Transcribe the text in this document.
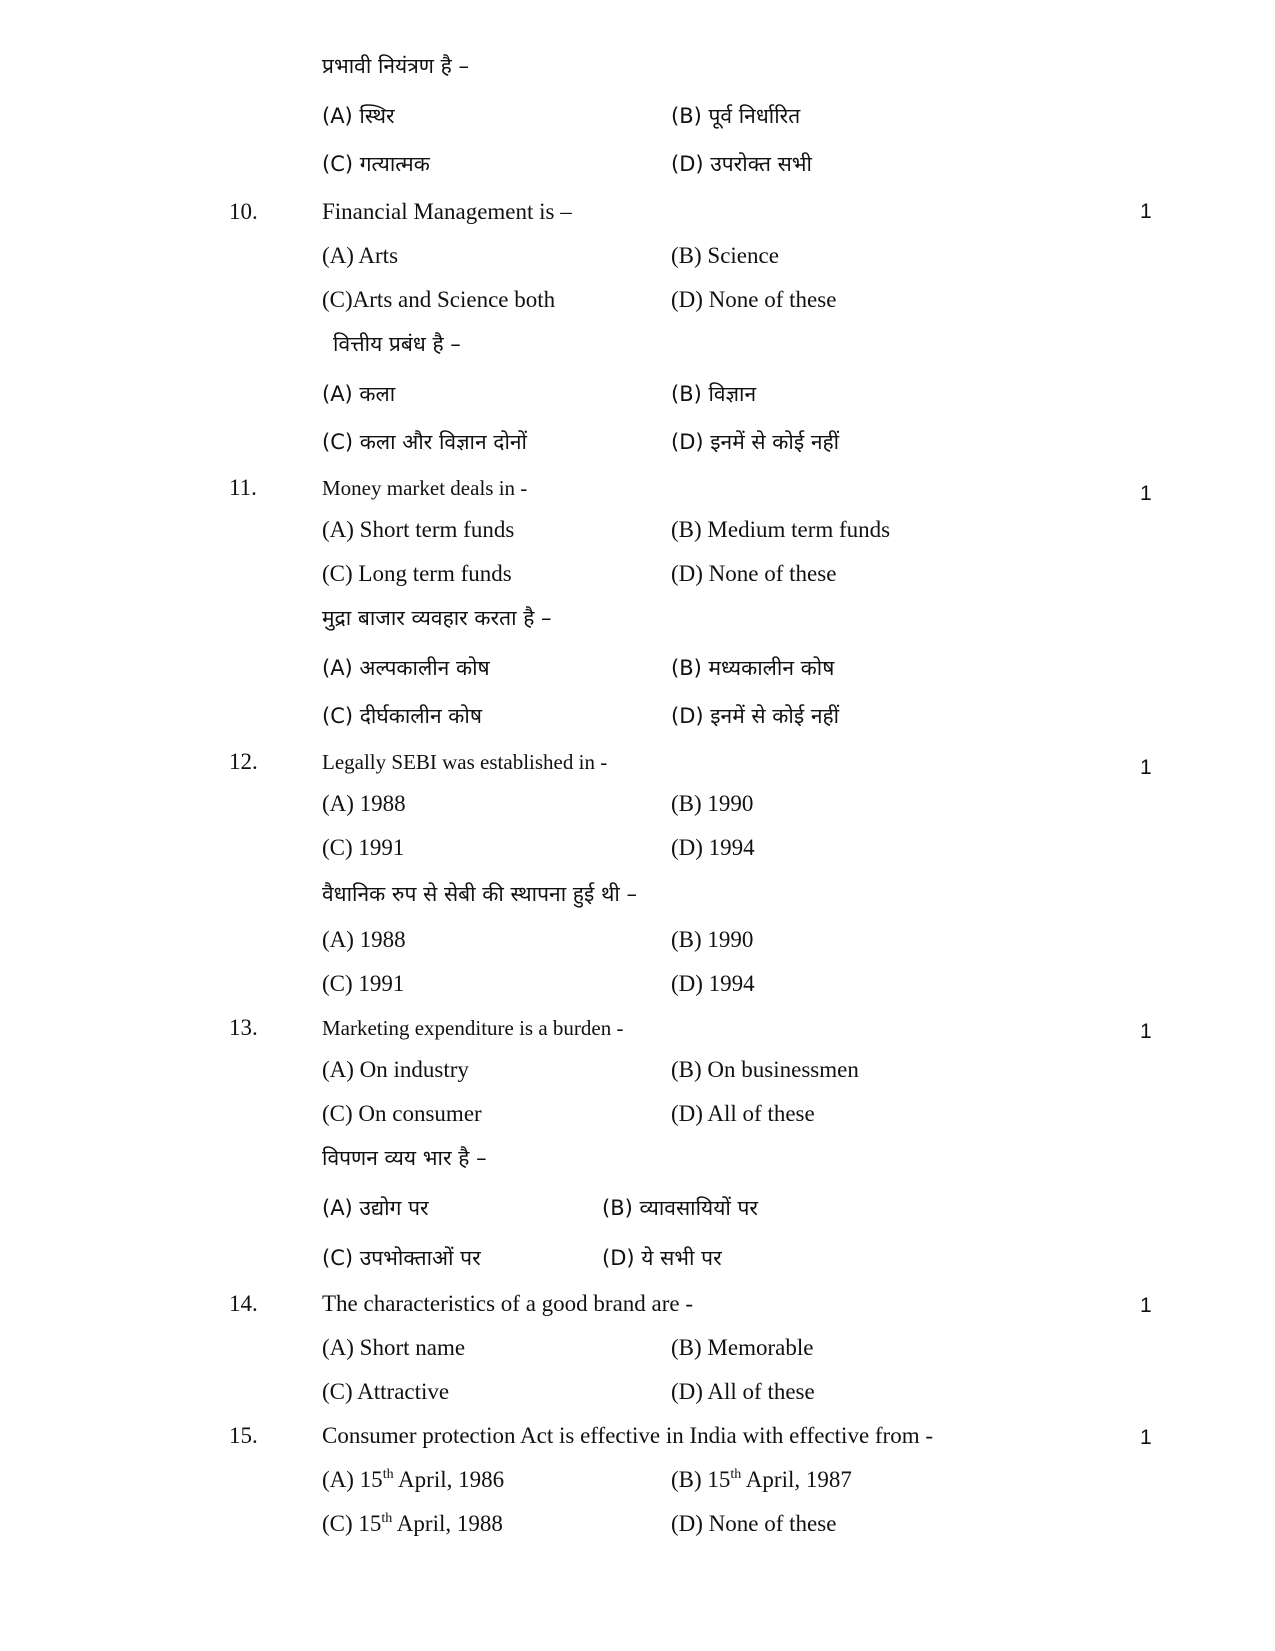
प्रभावी नियंत्रण है –
(A) स्थिर	(B) पूर्व निर्धारित
(C) गत्यात्मक	(D) उपरोक्त सभी
10.	Financial Management is –	1
(A) Arts	(B) Science
(C)Arts and Science both	(D) None of these
वित्तीय प्रबंध है –
(A) कला	(B) विज्ञान
(C) कला और विज्ञान दोनों	(D) इनमें से कोई नहीं
11.	Money market deals in -	1
(A) Short term funds	(B) Medium term funds
(C) Long term funds	(D) None of these
मुद्रा बाजार व्यवहार करता है –
(A) अल्पकालीन कोष	(B) मध्यकालीन कोष
(C) दीर्घकालीन कोष	(D) इनमें से कोई नहीं
12.	Legally SEBI was established in -	1
(A) 1988	(B) 1990
(C) 1991	(D) 1994
वैधानिक रुप से सेबी की स्थापना हुई थी –
(A) 1988	(B) 1990
(C) 1991	(D) 1994
13.	Marketing expenditure is a burden -	1
(A) On industry	(B) On businessmen
(C) On consumer	(D) All of these
विपणन व्यय भार है –
(A) उद्योग पर	(B) व्यावसायियों पर
(C) उपभोक्ताओं पर	(D) ये सभी पर
14.	The characteristics of a good brand are -	1
(A) Short name	(B) Memorable
(C) Attractive	(D) All of these
15.	Consumer protection Act is effective in India with effective from -	1
(A) 15th April, 1986	(B) 15th April, 1987
(C) 15th April, 1988	(D) None of these
